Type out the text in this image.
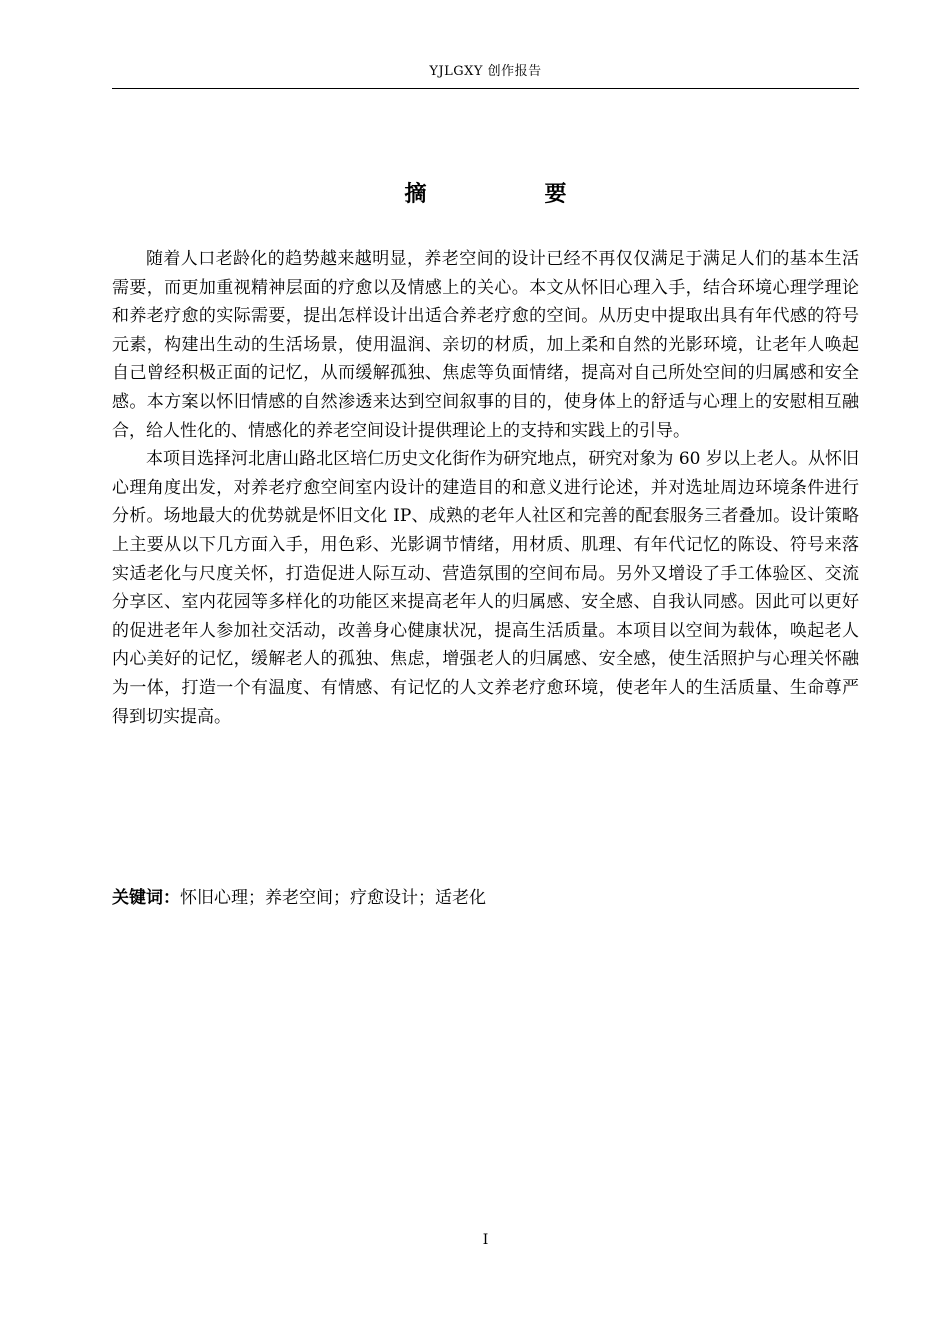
YJLGXY 创作报告
摘　要

随着人口老龄化的趋势越来越明显，养老空间的设计已经不再仅仅满足于满足人们的基本生活需要，而更加重视精神层面的疗愈以及情感上的关心。本文从怀旧心理入手，结合环境心理学理论和养老疗愈的实际需要，提出怎样设计出适合养老疗愈的空间。从历史中提取出具有年代感的符号元素，构建出生动的生活场景，使用温润、亲切的材质，加上柔和自然的光影环境，让老年人唤起自己曾经积极正面的记忆，从而缓解孤独、焦虑等负面情绪，提高对自己所处空间的归属感和安全感。本方案以怀旧情感的自然渗透来达到空间叙事的目的，使身体上的舒适与心理上的安慰相互融合，给人性化的、情感化的养老空间设计提供理论上的支持和实践上的引导。

本项目选择河北唐山路北区培仁历史文化街作为研究地点，研究对象为 60 岁以上老人。从怀旧心理角度出发，对养老疗愈空间室内设计的建造目的和意义进行论述，并对选址周边环境条件进行分析。场地最大的优势就是怀旧文化 IP、成熟的老年人社区和完善的配套服务三者叠加。设计策略上主要从以下几方面入手，用色彩、光影调节情绪，用材质、肌理、有年代记忆的陈设、符号来落实适老化与尺度关怀，打造促进人际互动、营造氛围的空间布局。另外又增设了手工体验区、交流分享区、室内花园等多样化的功能区来提高老年人的归属感、安全感、自我认同感。因此可以更好的促进老年人参加社交活动，改善身心健康状况，提高生活质量。本项目以空间为载体，唤起老人内心美好的记忆，缓解老人的孤独、焦虑，增强老人的归属感、安全感，使生活照护与心理关怀融为一体，打造一个有温度、有情感、有记忆的人文养老疗愈环境，使老年人的生活质量、生命尊严得到切实提高。

关键词：怀旧心理；养老空间；疗愈设计；适老化
I
